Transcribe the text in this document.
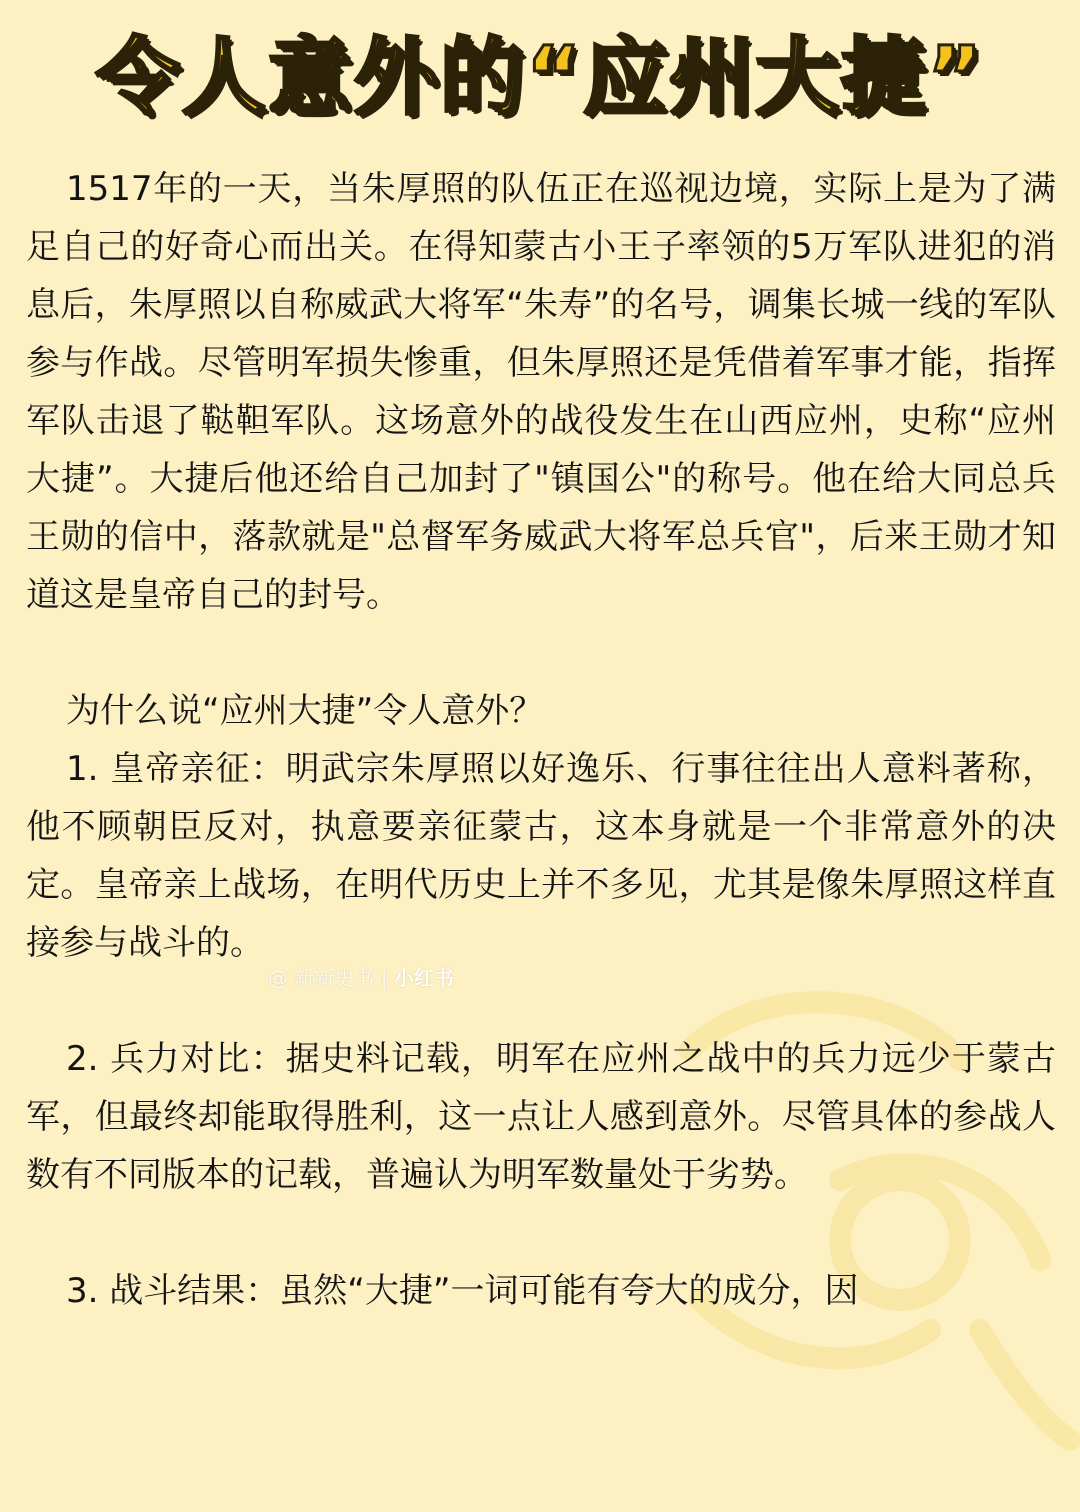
令人意外的“应州大捷”

1517年的一天，当朱厚照的队伍正在巡视边境，实际上是为了满足自己的好奇心而出关。在得知蒙古小王子率领的5万军队进犯的消息后，朱厚照以自称威武大将军“朱寿”的名号，调集长城一线的军队参与作战。尽管明军损失惨重，但朱厚照还是凭借着军事才能，指挥军队击退了鞑靼军队。这场意外的战役发生在山西应州，史称“应州大捷”。大捷后他还给自己加封了"镇国公"的称号。他在给大同总兵王勋的信中，落款就是"总督军务威武大将军总兵官"，后来王勋才知道这是皇帝自己的封号。

为什么说“应州大捷”令人意外？

1. 皇帝亲征：明武宗朱厚照以好逸乐、行事往往出人意料著称，他不顾朝臣反对，执意要亲征蒙古，这本身就是一个非常意外的决定。皇帝亲上战场，在明代历史上并不多见，尤其是像朱厚照这样直接参与战斗的。

2. 兵力对比：据史料记载，明军在应州之战中的兵力远少于蒙古军，但最终却能取得胜利，这一点让人感到意外。尽管具体的参战人数有不同版本的记载，普遍认为明军数量处于劣势。

3. 战斗结果：虽然“大捷”一词可能有夸大的成分，因

@ 新新史书 | 小红书
